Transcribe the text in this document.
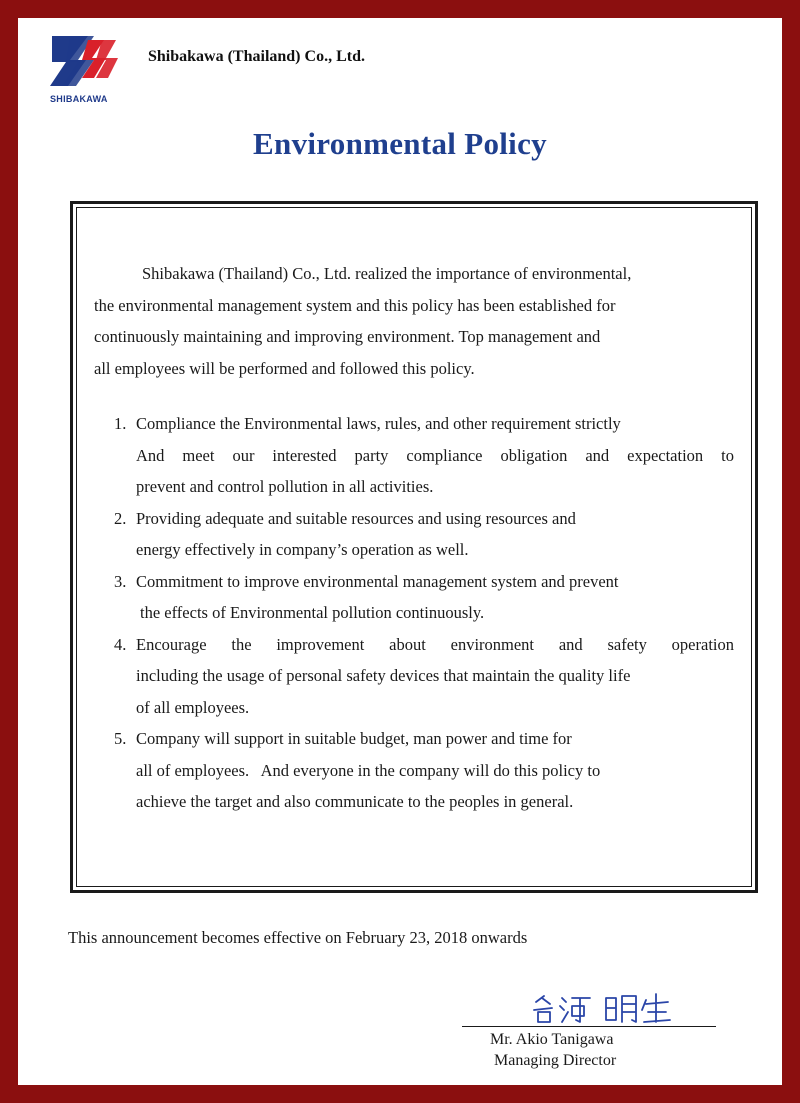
SHIBAKAWA
Shibakawa (Thailand) Co., Ltd.
Environmental Policy

Shibakawa (Thailand) Co., Ltd. realized the importance of environmental,
the environmental management system and this policy has been established for
continuously maintaining and improving environment. Top management and
all employees will be performed and followed this policy.

1. Compliance the Environmental laws, rules, and other requirement strictly
And meet our interested party compliance obligation and expectation to
prevent and control pollution in all activities.
2. Providing adequate and suitable resources and using resources and
energy effectively in company’s operation as well.
3. Commitment to improve environmental management system and prevent
the effects of Environmental pollution continuously.
4. Encourage the improvement about environment and safety operation
including the usage of personal safety devices that maintain the quality life
of all employees.
5. Company will support in suitable budget, man power and time for
all of employees.   And everyone in the company will do this policy to
achieve the target and also communicate to the peoples in general.
This announcement becomes effective on February 23, 2018 onwards
Mr. Akio Tanigawa
Managing Director
